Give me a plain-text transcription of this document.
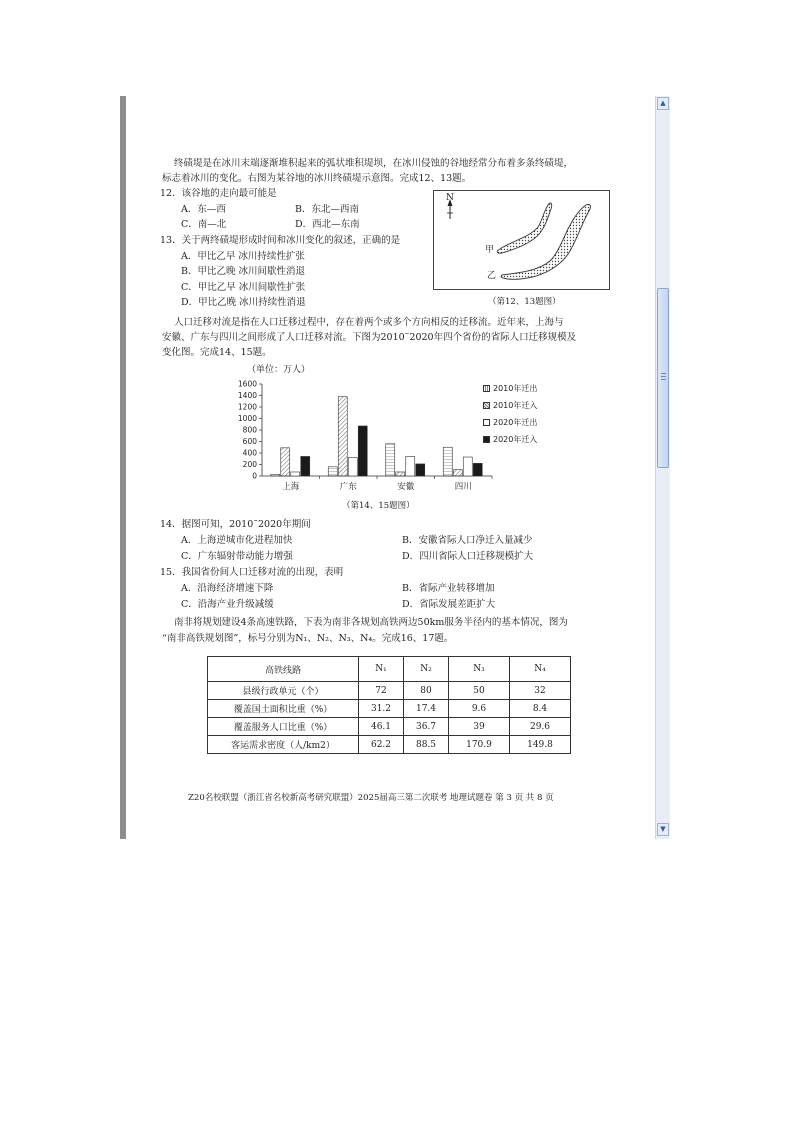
终碛堤是在冰川末端逐渐堆积起来的弧状堆积堤坝，在冰川侵蚀的谷地经常分布着多条终碛堤，
标志着冰川的变化。右图为某谷地的冰川终碛堤示意图。完成12、13题。
12．该谷地的走向最可能是
A．东—西	B．东北—西南
C．南—北	D．西北—东南
13．关于两终碛堤形成时间和冰川变化的叙述，正确的是
A．甲比乙早 冰川持续性扩张
B．甲比乙晚 冰川间歇性消退
C．甲比乙早 冰川间歇性扩张
D．甲比乙晚 冰川持续性消退
N
甲
乙
（第12、13题图）
人口迁移对流是指在人口迁移过程中，存在着两个或多个方向相反的迁移流。近年来，上海与
安徽、广东与四川之间形成了人口迁移对流。下图为2010˜2020年四个省份的省际人口迁移规模及
变化图。完成14、15题。
（单位：万人）
0
200
400
600
800
1000
1200
1400
1600
上海	广东	安徽	四川
2010年迁出
2010年迁入
2020年迁出
2020年迁入
（第14、15题图）
14．据图可知，2010˜2020年期间
A．上海逆城市化进程加快	B．安徽省际人口净迁入量减少
C．广东辐射带动能力增强	D．四川省际人口迁移规模扩大
15．我国省份间人口迁移对流的出现，表明
A．沿海经济增速下降	B．省际产业转移增加
C．沿海产业升级减缓	D．省际发展差距扩大
南非将规划建设4条高速铁路，下表为南非各规划高铁两边50km服务半径内的基本情况，图为
“南非高铁规划图”，标号分别为N₁、N₂、N₃、N₄。完成16、17题。
高铁线路	N₁	N₂	N₃	N₄
县级行政单元（个）	72	80	50	32
覆盖国土面积比重（%）	31.2	17.4	9.6	8.4
覆盖服务人口比重（%）	46.1	36.7	39	29.6
客运需求密度（人/km2）	62.2	88.5	170.9	149.8
Z20名校联盟（浙江省名校新高考研究联盟）2025届高三第二次联考 地理试题卷 第 3 页 共 8 页
▲
▼
